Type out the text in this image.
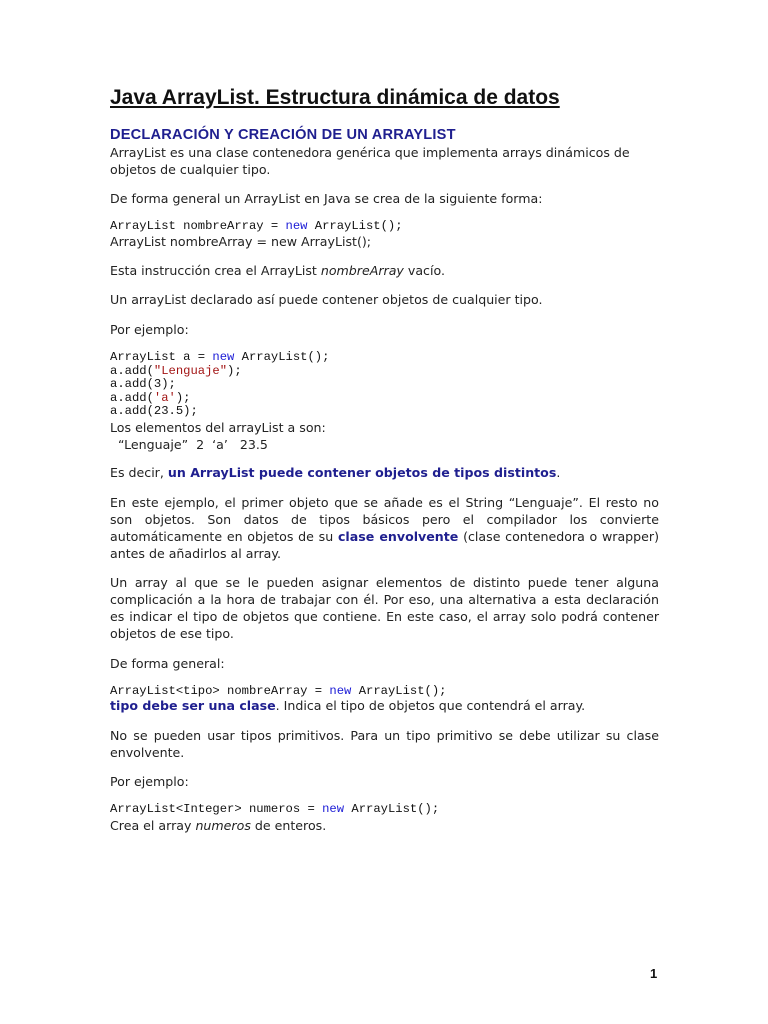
Java ArrayList. Estructura dinámica de datos
DECLARACIÓN Y CREACIÓN DE UN ARRAYLIST
ArrayList es una clase contenedora genérica que implementa arrays dinámicos de objetos de cualquier tipo.
De forma general un ArrayList en Java se crea de la siguiente forma:
ArrayList nombreArray = new ArrayList();
ArrayList nombreArray = new ArrayList();
Esta instrucción crea el ArrayList nombreArray vacío.
Un arrayList declarado así puede contener objetos de cualquier tipo.
Por ejemplo:
ArrayList a = new ArrayList();
a.add("Lenguaje");
a.add(3);
a.add('a');
a.add(23.5);
Los elementos del arrayList a son:
“Lenguaje”  2  ‘a’   23.5
Es decir, un ArrayList puede contener objetos de tipos distintos.
En este ejemplo, el primer objeto que se añade es el String “Lenguaje”. El resto no son objetos. Son datos de tipos básicos pero el compilador los convierte automáticamente en objetos de su clase envolvente (clase contenedora o wrapper) antes de añadirlos al array.
Un array al que se le pueden asignar elementos de distinto puede tener alguna complicación a la hora de trabajar con él. Por eso, una alternativa a esta declaración es indicar el tipo de objetos que contiene. En este caso, el array solo podrá contener objetos de ese tipo.
De forma general:
ArrayList<tipo> nombreArray = new ArrayList();
tipo debe ser una clase. Indica el tipo de objetos que contendrá el array.
No se pueden usar tipos primitivos. Para un tipo primitivo se debe utilizar su clase envolvente.
Por ejemplo:
ArrayList<Integer> numeros = new ArrayList();
Crea el array numeros de enteros.
1
